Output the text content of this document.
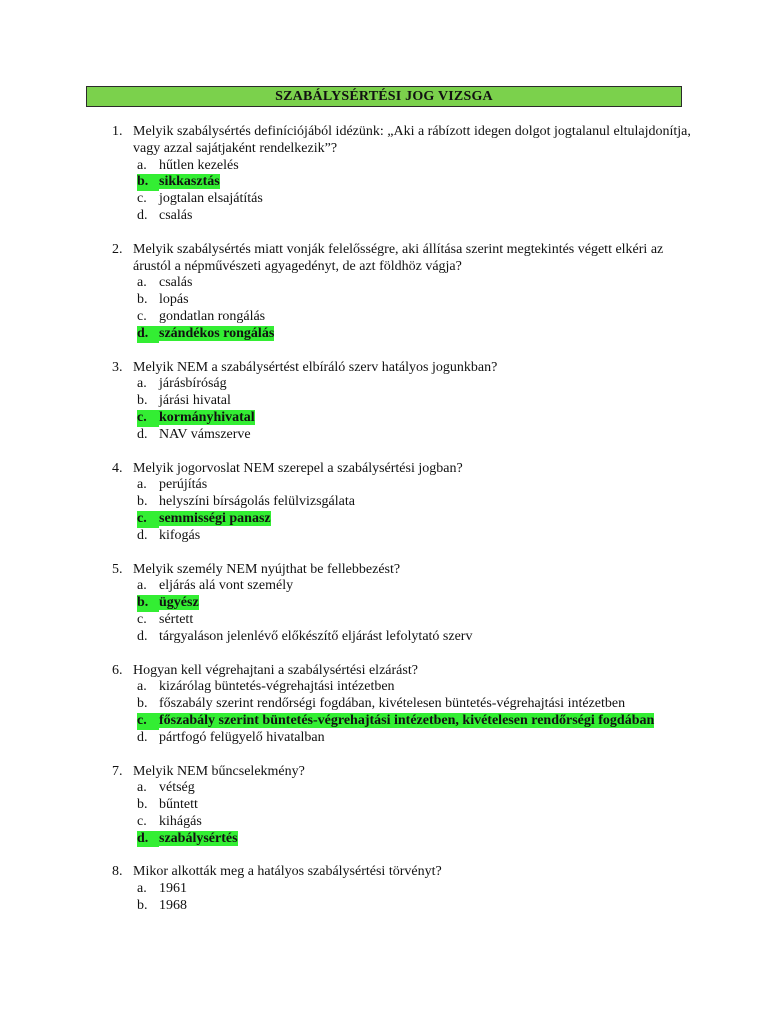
SZABÁLYSÉRTÉSI JOG VIZSGA
1. Melyik szabálysértés definíciójából idézünk: „Aki a rábízott idegen dolgot jogtalanul eltulajdonítja, vagy azzal sajátjaként rendelkezik”?
a. hűtlen kezelés
b. sikkasztás
c. jogtalan elsajátítás
d. csalás
2. Melyik szabálysértés miatt vonják felelősségre, aki állítása szerint megtekintés végett elkéri az árustól a népművészeti agyagedényt, de azt földhöz vágja?
a. csalás
b. lopás
c. gondatlan rongálás
d. szándékos rongálás
3. Melyik NEM a szabálysértést elbíráló szerv hatályos jogunkban?
a. járásbíróság
b. járási hivatal
c. kormányhivatal
d. NAV vámszerve
4. Melyik jogorvoslat NEM szerepel a szabálysértési jogban?
a. perújítás
b. helyszíni bírságolás felülvizsgálata
c. semmisségi panasz
d. kifogás
5. Melyik személy NEM nyújthat be fellebbezést?
a. eljárás alá vont személy
b. ügyész
c. sértett
d. tárgyaláson jelenlévő előkészítő eljárást lefolytató szerv
6. Hogyan kell végrehajtani a szabálysértési elzárást?
a. kizárólag büntetés-végrehajtási intézetben
b. főszabály szerint rendőrségi fogdában, kivételesen büntetés-végrehajtási intézetben
c. főszabály szerint büntetés-végrehajtási intézetben, kivételesen rendőrségi fogdában
d. pártfogó felügyelő hivatalban
7. Melyik NEM bűncselekmény?
a. vétség
b. bűntett
c. kihágás
d. szabálysértés
8. Mikor alkották meg a hatályos szabálysértési törvényt?
a. 1961
b. 1968
